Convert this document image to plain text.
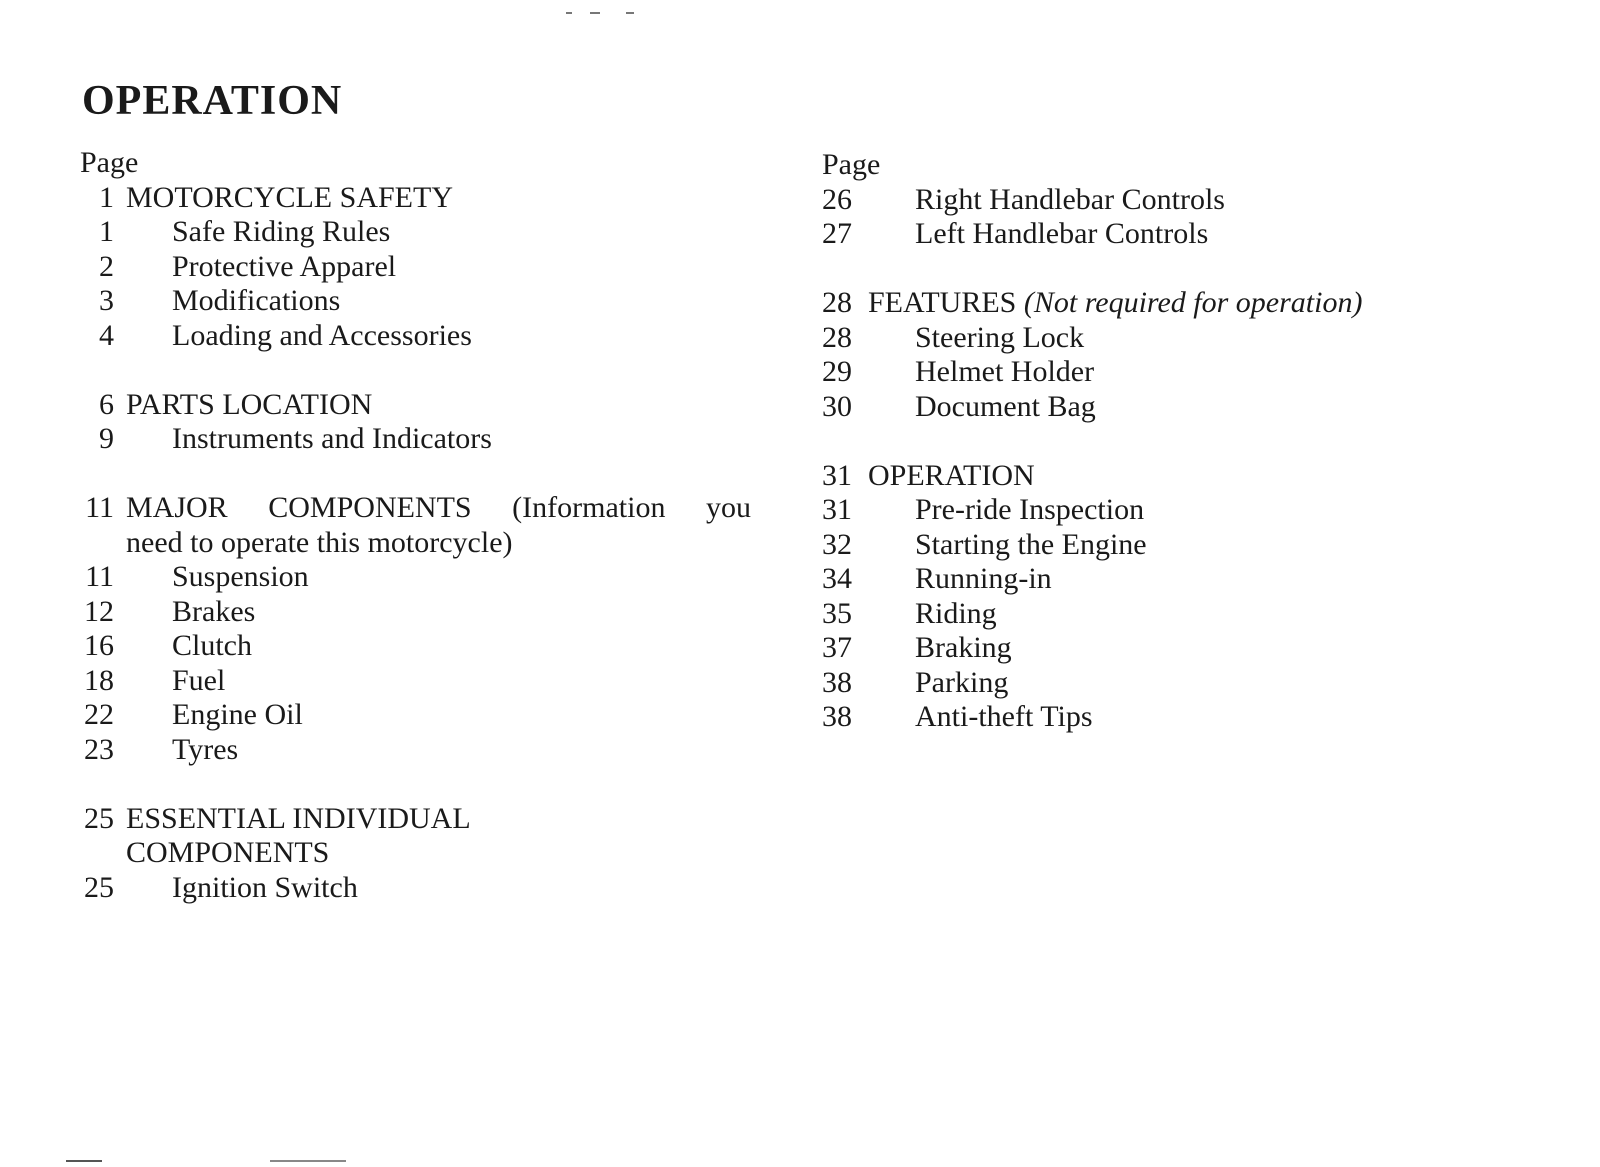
OPERATION
Page
1 MOTORCYCLE SAFETY
1 Safe Riding Rules
2 Protective Apparel
3 Modifications
4 Loading and Accessories
6 PARTS LOCATION
9 Instruments and Indicators
11 MAJOR COMPONENTS (Information you
need to operate this motorcycle)
11 Suspension
12 Brakes
16 Clutch
18 Fuel
22 Engine Oil
23 Tyres
25 ESSENTIAL INDIVIDUAL
COMPONENTS
25 Ignition Switch
Page
26 Right Handlebar Controls
27 Left Handlebar Controls
28 FEATURES (Not required for operation)
28 Steering Lock
29 Helmet Holder
30 Document Bag
31 OPERATION
31 Pre-ride Inspection
32 Starting the Engine
34 Running-in
35 Riding
37 Braking
38 Parking
38 Anti-theft Tips
